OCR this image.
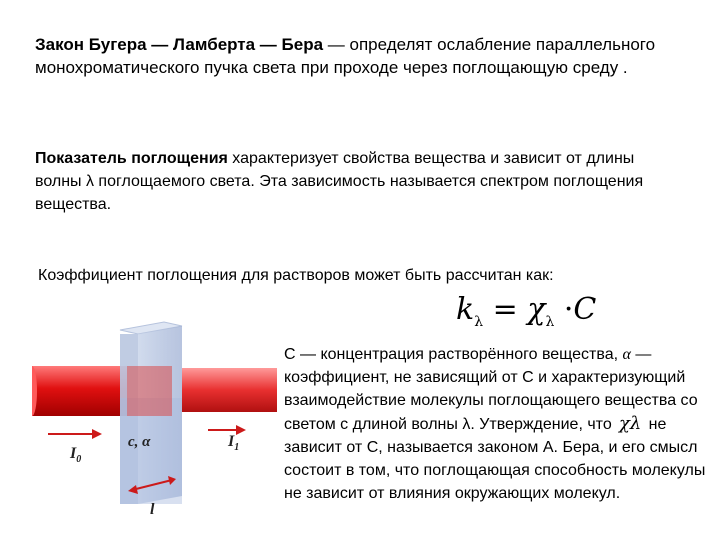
Закон Бугера — Ламберта — Бера — определят ослабление параллельного монохроматического пучка света при проходе через поглощающую среду .
Показатель поглощения характеризует свойства вещества и зависит от длины волны λ поглощаемого света. Эта зависимость называется спектром поглощения вещества.
Коэффициент поглощения для растворов может быть рассчитан как:
$k_\lambda = \chi_\lambda \cdot C$
С — концентрация растворённого вещества, α — коэффициент, не зависящий от С и характеризующий взаимодействие молекулы поглощающего вещества со светом с длиной волны λ. Утверждение, что χλ не зависит от С, называется законом А. Бера, и его смысл состоит в том, что поглощающая способность молекулы не зависит от влияния окружающих молекул.
c, α
$I_0$
$I_1$
l
